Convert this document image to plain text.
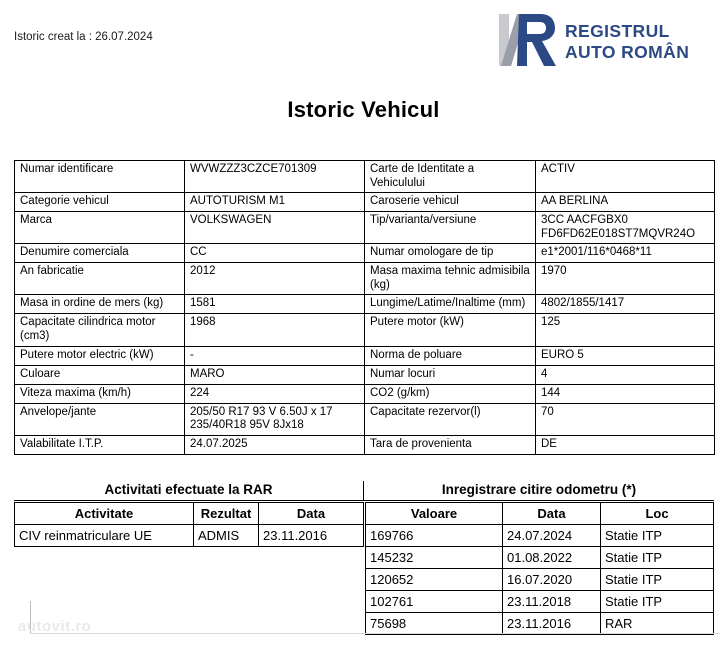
Istoric creat la : 26.07.2024	REGISTRUL
AUTO ROMÂN
Istoric Vehicul
Numar identificare	WVWZZZ3CZCE701309	Carte de Identitate a Vehiculului	ACTIV
Categorie vehicul	AUTOTURISM M1	Caroserie vehicul	AA BERLINA
Marca	VOLKSWAGEN	Tip/varianta/versiune	3CC AACFGBX0 FD6FD62E018ST7MQVR24O
Denumire comerciala	CC	Numar omologare de tip	e1*2001/116*0468*11
An fabricatie	2012	Masa maxima tehnic admisibila (kg)	1970
Masa in ordine de mers (kg)	1581	Lungime/Latime/Inaltime (mm)	4802/1855/1417
Capacitate cilindrica motor (cm3)	1968	Putere motor (kW)	125
Putere motor electric (kW)	-	Norma de poluare	EURO 5
Culoare	MARO	Numar locuri	4
Viteza maxima (km/h)	224	CO2 (g/km)	144
Anvelope/jante	205/50 R17 93 V 6.50J x 17 235/40R18 95V 8Jx18	Capacitate rezervor(l)	70
Valabilitate I.T.P.	24.07.2025	Tara de provenienta	DE
Activitati efectuate la RAR	Inregistrare citire odometru (*)
Activitate	Rezultat	Data
CIV reinmatriculare UE	ADMIS	23.11.2016
Valoare	Data	Loc
169766	24.07.2024	Statie ITP
145232	01.08.2022	Statie ITP
120652	16.07.2020	Statie ITP
102761	23.11.2018	Statie ITP
75698	23.11.2016	RAR
autovit.ro
